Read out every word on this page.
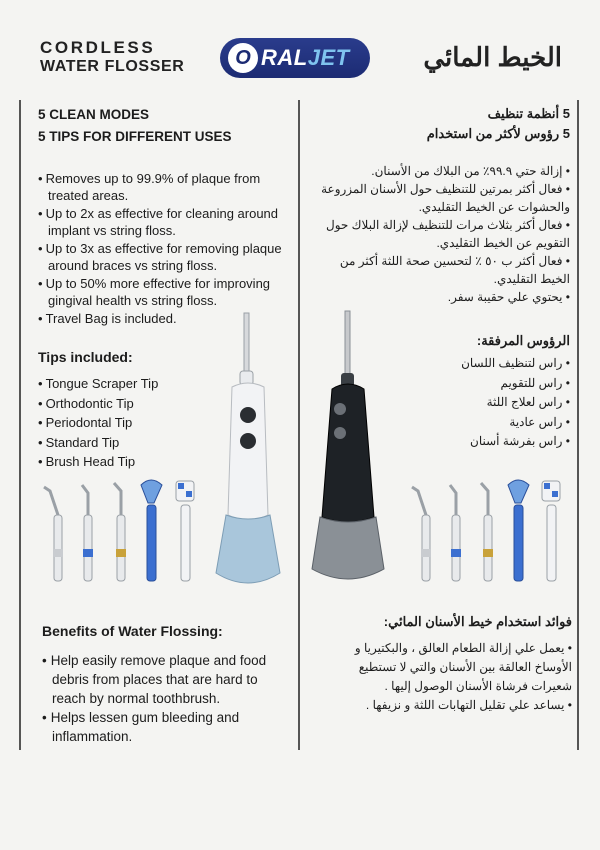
CORDLESS
WATER FLOSSER	O RALJET	الخيط المائي
5 CLEAN MODES
5 TIPS FOR DIFFERENT USES
• Removes up to 99.9% of plaque from treated areas.
• Up to 2x as effective for cleaning around implant vs string floss.
• Up to 3x as effective for removing plaque around braces vs string floss.
• Up to 50% more effective for improving gingival health vs string floss.
• Travel Bag is included.
Tips included:
• Tongue Scraper Tip
• Orthodontic Tip
• Periodontal Tip
• Standard Tip
• Brush Head Tip
5 أنظمة تنظيف
5 رؤوس لأكثر من استخدام
• إزالة حتي ٩٩.٩٪ من البلاك من الأسنان.
• فعال أكثر بمرتين للتنظيف حول الأسنان المزروعة والحشوات عن الخيط التقليدي.
• فعال أكثر بثلاث مرات للتنظيف لإزالة البلاك حول التقويم عن الخيط التقليدي.
• فعال أكثر ب ٥٠ ٪ لتحسين صحة اللثة أكثر من الخيط التقليدي.
• يحتوي علي حقيبة سفر.
الرؤوس المرفقة:
• راس لتنظيف اللسان
• راس للتقويم
• راس لعلاج اللثة
• راس عادية
• راس بفرشة أسنان
Benefits of Water Flossing:
• Help easily remove plaque and food debris from places that are hard to reach by normal toothbrush.
• Helps lessen gum bleeding and inflammation.
فوائد استخدام خيط الأسنان المائي:
• يعمل علي إزالة الطعام العالق ، والبكتيريا و الأوساخ العالقة بين الأسنان والتي لا تستطيع شعيرات فرشاة الأسنان الوصول إليها .
• يساعد علي تقليل التهابات اللثة و نزيفها .
